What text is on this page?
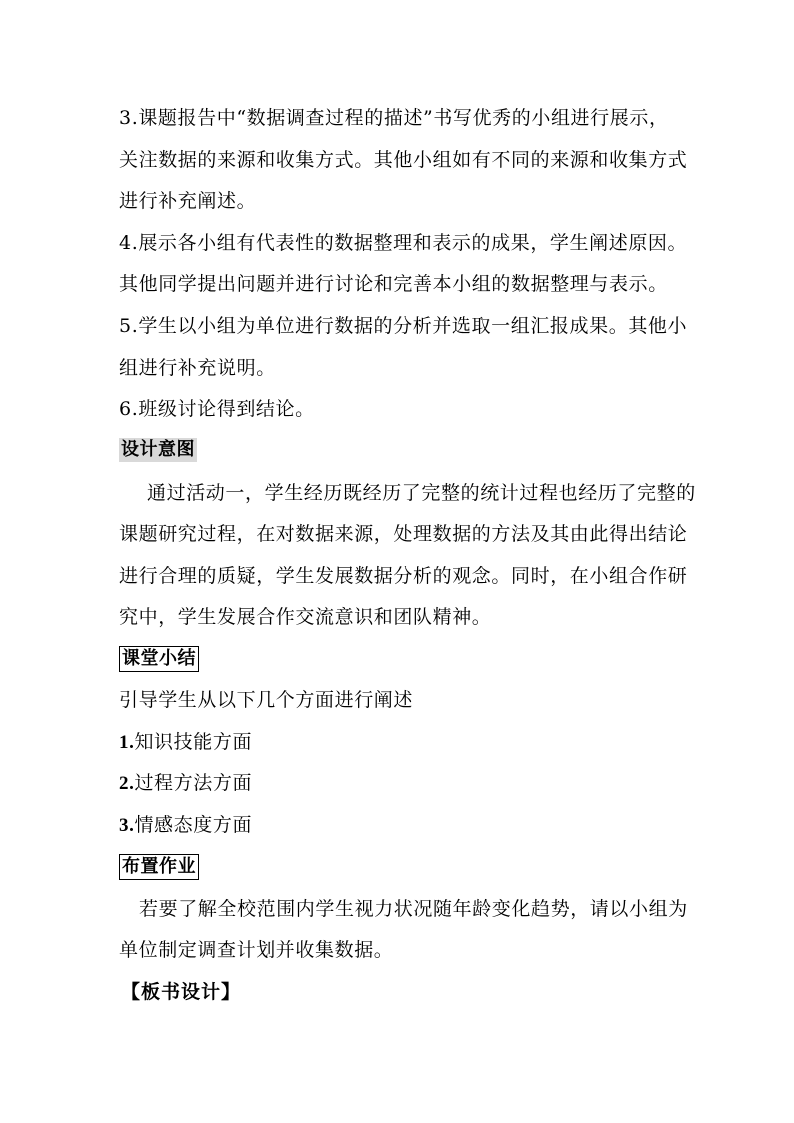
3.课题报告中“数据调查过程的描述”书写优秀的小组进行展示，
关注数据的来源和收集方式。其他小组如有不同的来源和收集方式
进行补充阐述。
4.展示各小组有代表性的数据整理和表示的成果，学生阐述原因。
其他同学提出问题并进行讨论和完善本小组的数据整理与表示。
5.学生以小组为单位进行数据的分析并选取一组汇报成果。其他小
组进行补充说明。
6.班级讨论得到结论。
设计意图
通过活动一，学生经历既经历了完整的统计过程也经历了完整的
课题研究过程，在对数据来源，处理数据的方法及其由此得出结论
进行合理的质疑，学生发展数据分析的观念。同时，在小组合作研
究中，学生发展合作交流意识和团队精神。
课堂小结
引导学生从以下几个方面进行阐述
1.知识技能方面
2.过程方法方面
3.情感态度方面
布置作业
若要了解全校范围内学生视力状况随年龄变化趋势，请以小组为
单位制定调查计划并收集数据。
【板书设计】
